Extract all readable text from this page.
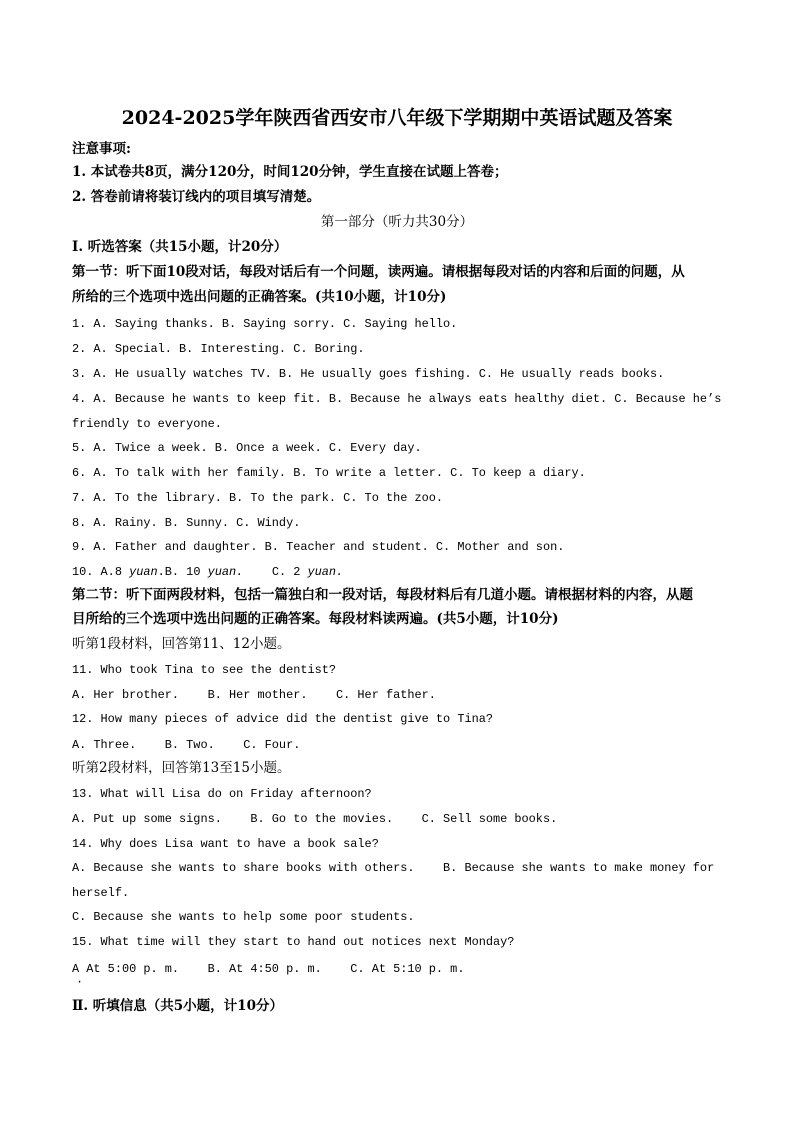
2024-2025学年陕西省西安市八年级下学期期中英语试题及答案
注意事项:
1. 本试卷共8页，满分120分，时间120分钟，学生直接在试题上答卷；
2. 答卷前请将装订线内的项目填写清楚。
第一部分（听力共30分）
Ⅰ. 听选答案（共15小题，计20分）
第一节：听下面10段对话，每段对话后有一个问题，读两遍。请根据每段对话的内容和后面的问题，从
所给的三个选项中选出问题的正确答案。(共10小题，计10分)
1. A. Saying thanks. B. Saying sorry. C. Saying hello.
2. A. Special. B. Interesting. C. Boring.
3. A. He usually watches TV. B. He usually goes fishing. C. He usually reads books.
4. A. Because he wants to keep fit. B. Because he always eats healthy diet. C. Because he’s
friendly to everyone.
5. A. Twice a week. B. Once a week. C. Every day.
6. A. To talk with her family. B. To write a letter. C. To keep a diary.
7. A. To the library. B. To the park. C. To the zoo.
8. A. Rainy. B. Sunny. C. Windy.
9. A. Father and daughter. B. Teacher and student. C. Mother and son.
10. A.8 yuan.B. 10 yuan.    C. 2 yuan.
第二节：听下面两段材料，包括一篇独白和一段对话，每段材料后有几道小题。请根据材料的内容，从题
目所给的三个选项中选出问题的正确答案。每段材料读两遍。(共5小题，计10分)
听第1段材料，回答第11、12小题。
11. Who took Tina to see the dentist?
A. Her brother.    B. Her mother.    C. Her father.
12. How many pieces of advice did the dentist give to Tina?
A. Three.    B. Two.    C. Four.
听第2段材料，回答第13至15小题。
13. What will Lisa do on Friday afternoon?
A. Put up some signs.    B. Go to the movies.    C. Sell some books.
14. Why does Lisa want to have a book sale?
A. Because she wants to share books with others.    B. Because she wants to make money for
herself.
C. Because she wants to help some poor students.
15. What time will they start to hand out notices next Monday?
A At 5:00 p. m.    B. At 4:50 p. m.    C. At 5:10 p. m.
·
Ⅱ. 听填信息（共5小题，计10分）
